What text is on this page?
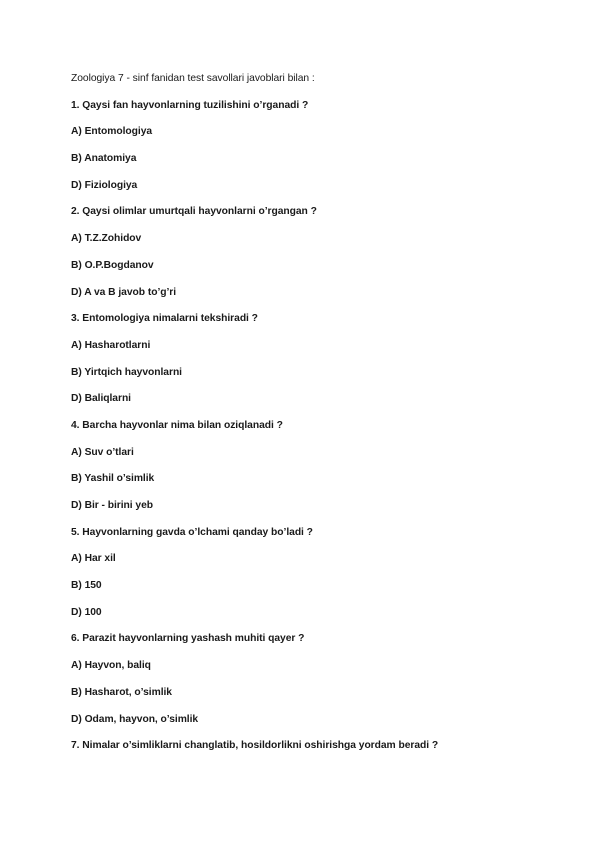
Zoologiya 7 - sinf fanidan test savollari javoblari bilan :
1. Qaysi fan hayvonlarning tuzilishini o’rganadi ?
A) Entomologiya
B) Anatomiya
D) Fiziologiya
2. Qaysi olimlar umurtqali hayvonlarni o’rgangan ?
A) T.Z.Zohidov
B) O.P.Bogdanov
D) A va B javob to’g’ri
3. Entomologiya nimalarni tekshiradi ?
A) Hasharotlarni
B) Yirtqich hayvonlarni
D) Baliqlarni
4. Barcha hayvonlar nima bilan oziqlanadi ?
A) Suv o’tlari
B) Yashil o’simlik
D) Bir - birini yeb
5. Hayvonlarning gavda o’lchami qanday bo’ladi ?
A) Har xil
B) 150
D) 100
6. Parazit hayvonlarning yashash muhiti qayer ?
A) Hayvon, baliq
B) Hasharot, o’simlik
D) Odam, hayvon, o’simlik
7. Nimalar o’simliklarni changlatib, hosildorlikni oshirishga yordam beradi ?
